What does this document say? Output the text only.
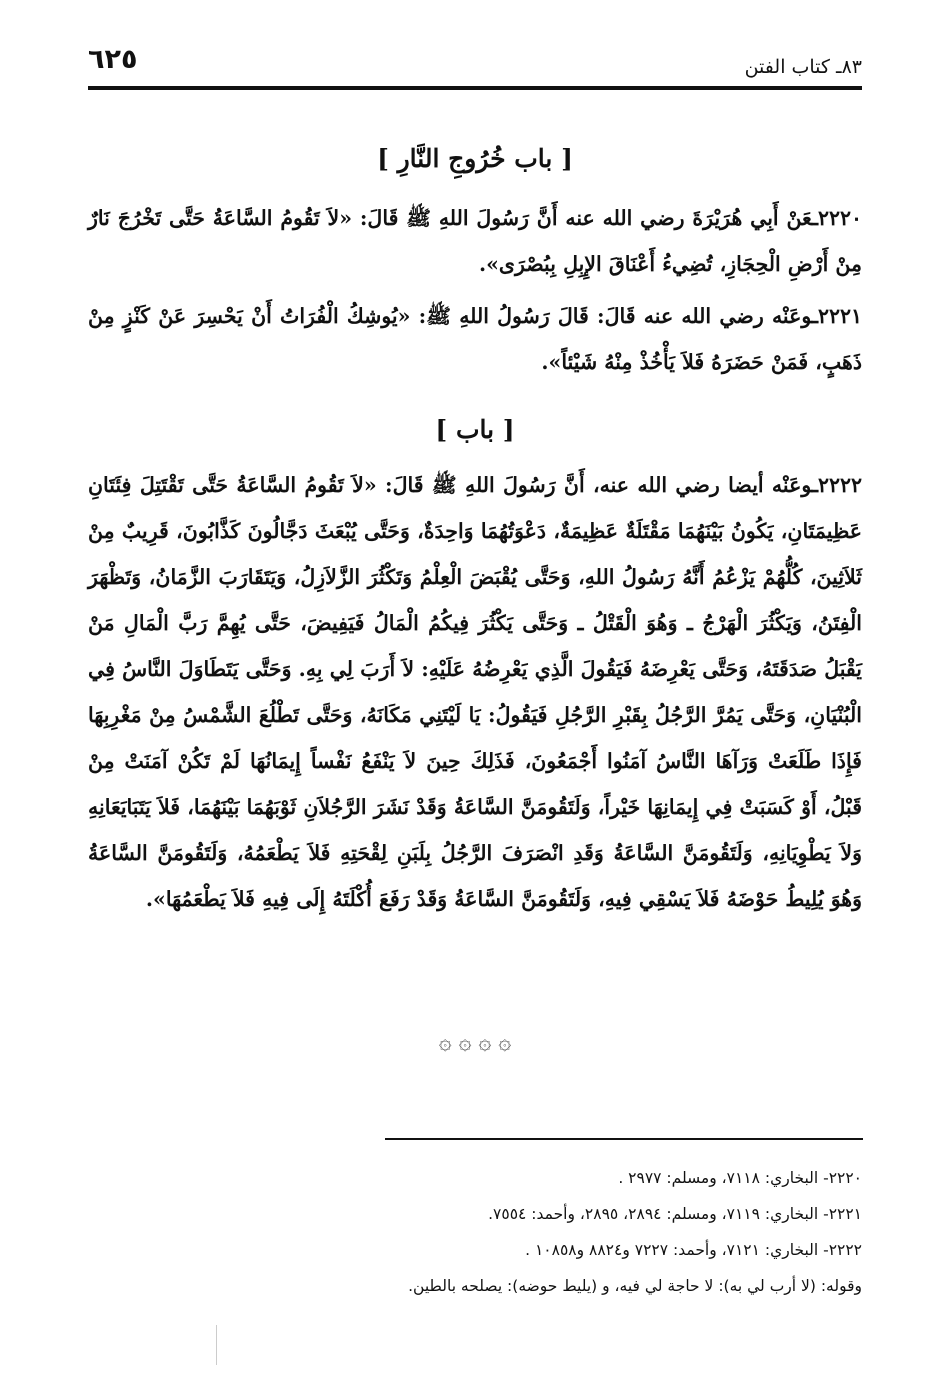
٨٣ـ كتاب الفتن
٦٢٥
[ باب خُرُوجِ النَّارِ ]

٢٢٢٠ـعَنْ أَبِي هُرَيْرَةَ رضي الله عنه أَنَّ رَسُولَ اللهِ ﷺ قَالَ: «لاَ تَقُومُ السَّاعَةُ حَتَّى تَخْرُجَ نَارٌ مِنْ أَرْضِ الْحِجَازِ، تُضِيءُ أَعْنَاقَ الإِبِلِ بِبُصْرَى».

٢٢٢١ـوعَنْه رضي الله عنه قَالَ: قَالَ رَسُولُ اللهِ ﷺ: «يُوشِكُ الْفُرَاتُ أَنْ يَحْسِرَ عَنْ كَنْزٍ مِنْ ذَهَبٍ، فَمَنْ حَضَرَهُ فَلاَ يَأْخُذْ مِنْهُ شَيْئاً».

[ باب ]

٢٢٢٢ـوعَنْه أيضا رضي الله عنه، أَنَّ رَسُولَ اللهِ ﷺ قَالَ: «لاَ تَقُومُ السَّاعَةُ حَتَّى تَقْتَتِلَ فِئَتَانِ عَظِيمَتَانِ، يَكُونُ بَيْنَهُمَا مَقْتَلَةٌ عَظِيمَةٌ، دَعْوَتُهُمَا وَاحِدَةٌ، وَحَتَّى يُبْعَثَ دَجَّالُونَ كَذَّابُونَ، قَرِيبٌ مِنْ ثَلاَثِينَ، كُلُّهُمْ يَزْعُمُ أَنَّهُ رَسُولُ اللهِ، وَحَتَّى يُقْبَضَ الْعِلْمُ وَتَكْثُرَ الزَّلاَزِلُ، وَيَتَقَارَبَ الزَّمَانُ، وَتَظْهَرَ الْفِتَنُ، وَيَكْثُرَ الْهَرْجُ ـ وَهُوَ الْقَتْلُ ـ وَحَتَّى يَكْثُرَ فِيكُمُ الْمَالُ فَيَفِيضَ، حَتَّى يُهِمَّ رَبَّ الْمَالِ مَنْ يَقْبَلُ صَدَقَتَهُ، وَحَتَّى يَعْرِضَهُ فَيَقُولَ الَّذِي يَعْرِضُهُ عَلَيْهِ: لاَ أَرَبَ لِي بِهِ. وَحَتَّى يَتَطَاوَلَ النَّاسُ فِي الْبُنْيَانِ، وَحَتَّى يَمُرَّ الرَّجُلُ بِقَبْرِ الرَّجُلِ فَيَقُولُ: يَا لَيْتَنِي مَكَانَهُ، وَحَتَّى تَطْلُعَ الشَّمْسُ مِنْ مَغْرِبِهَا فَإِذَا طَلَعَتْ وَرَآهَا النَّاسُ آمَنُوا أَجْمَعُونَ، فَذَلِكَ حِينَ لاَ يَنْفَعُ نَفْساً إِيمَانُهَا لَمْ تَكُنْ آمَنَتْ مِنْ قَبْلُ، أَوْ كَسَبَتْ فِي إِيمَانِهَا خَيْراً، وَلَتَقُومَنَّ السَّاعَةُ وَقَدْ نَشَرَ الرَّجُلاَنِ ثَوْبَهُمَا بَيْنَهُمَا، فَلاَ يَتَبَايَعَانِهِ وَلاَ يَطْوِيَانِهِ، وَلَتَقُومَنَّ السَّاعَةُ وَقَدِ انْصَرَفَ الرَّجُلُ بِلَبَنِ لِقْحَتِهِ فَلاَ يَطْعَمُهُ، وَلَتَقُومَنَّ السَّاعَةُ وَهُوَ يُلِيطُ حَوْضَهُ فَلاَ يَسْقِي فِيهِ، وَلَتَقُومَنَّ السَّاعَةُ وَقَدْ رَفَعَ أُكْلَتَهُ إِلَى فِيهِ فَلاَ يَطْعَمُهَا».

۞ ۞ ۞ ۞
٢٢٢٠- البخاري: ٧١١٨، ومسلم: ٢٩٧٧ .
٢٢٢١- البخاري: ٧١١٩، ومسلم: ٢٨٩٤، ٢٨٩٥، وأحمد: ٧٥٥٤.
٢٢٢٢- البخاري: ٧١٢١، وأحمد: ٧٢٢٧ و٨٨٢٤ و١٠٨٥٨ .
وقوله: (لا أرب لي به): لا حاجة لي فيه، و (يليط حوضه): يصلحه بالطين.
